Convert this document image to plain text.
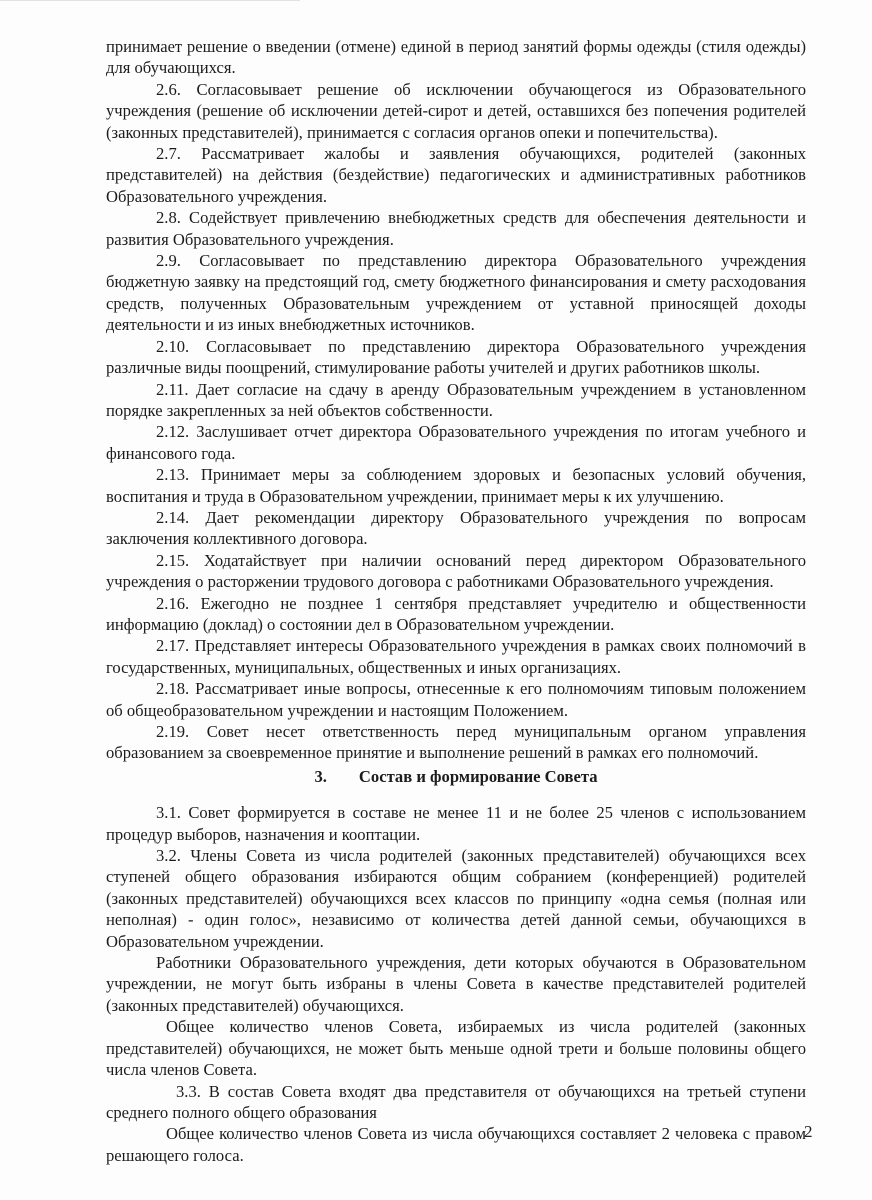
принимает решение о введении (отмене) единой в период занятий формы одежды (стиля одежды) для обучающихся.

2.6. Согласовывает решение об исключении обучающегося из Образовательного учреждения (решение об исключении детей-сирот и детей, оставшихся без попечения родителей (законных представителей), принимается с согласия органов опеки и попечительства).

2.7. Рассматривает жалобы и заявления обучающихся, родителей (законных представителей) на действия (бездействие) педагогических и административных работников Образовательного учреждения.

2.8. Содействует привлечению внебюджетных средств для обеспечения деятельности и развития Образовательного учреждения.

2.9. Согласовывает по представлению директора Образовательного учреждения бюджетную заявку на предстоящий год, смету бюджетного финансирования и смету расходования средств, полученных Образовательным учреждением от уставной приносящей доходы деятельности и из иных внебюджетных источников.

2.10. Согласовывает по представлению директора Образовательного учреждения различные виды поощрений, стимулирование работы учителей и других работников школы.

2.11. Дает согласие на сдачу в аренду Образовательным учреждением в установленном порядке закрепленных за ней объектов собственности.

2.12. Заслушивает отчет директора Образовательного учреждения по итогам учебного и финансового года.

2.13. Принимает меры за соблюдением здоровых и безопасных условий обучения, воспитания и труда в Образовательном учреждении, принимает меры к их улучшению.

2.14. Дает рекомендации директору Образовательного учреждения по вопросам заключения коллективного договора.

2.15. Ходатайствует при наличии оснований перед директором Образовательного учреждения о расторжении трудового договора с работниками Образовательного учреждения.

2.16. Ежегодно не позднее 1 сентября представляет учредителю и общественности информацию (доклад) о состоянии дел в Образовательном учреждении.

2.17. Представляет интересы Образовательного учреждения в рамках своих полномочий в государственных, муниципальных, общественных и иных организациях.

2.18. Рассматривает иные вопросы, отнесенные к его полномочиям типовым положением об общеобразовательном учреждении и настоящим Положением.

2.19. Совет несет ответственность перед муниципальным органом управления образованием за своевременное принятие и выполнение решений в рамках его полномочий.

3. Состав и формирование Совета

3.1. Совет формируется в составе не менее 11 и не более 25 членов с использованием процедур выборов, назначения и кооптации.

3.2. Члены Совета из числа родителей (законных представителей) обучающихся всех ступеней общего образования избираются общим собранием (конференцией) родителей (законных представителей) обучающихся всех классов по принципу «одна семья (полная или неполная) - один голос», независимо от количества детей данной семьи, обучающихся в Образовательном учреждении.

Работники Образовательного учреждения, дети которых обучаются в Образовательном учреждении, не могут быть избраны в члены Совета в качестве представителей родителей (законных представителей) обучающихся.

Общее количество членов Совета, избираемых из числа родителей (законных представителей) обучающихся, не может быть меньше одной трети и больше половины общего числа членов Совета.

3.3. В состав Совета входят два представителя от обучающихся на третьей ступени среднего полного общего образования

Общее количество членов Совета из числа обучающихся составляет 2 человека с правом решающего голоса.

2
